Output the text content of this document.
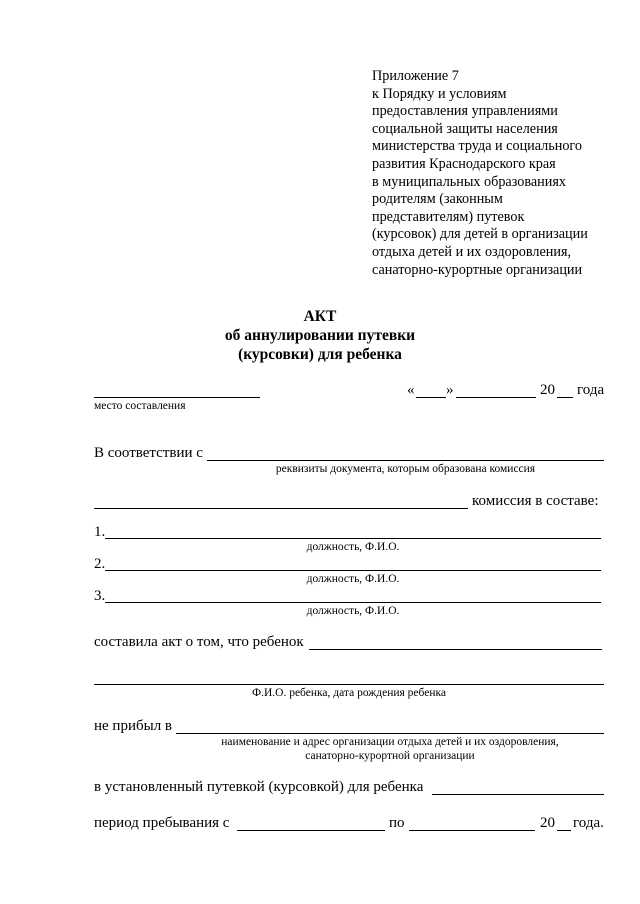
Приложение 7
к Порядку и условиям
предоставления управлениями
социальной защиты населения
министерства труда и социального
развития Краснодарского края
в муниципальных образованиях
родителям (законным
представителям) путевок
(курсовок) для детей в организации
отдыха детей и их оздоровления,
санаторно-курортные организации
АКТ
об аннулировании путевки
(курсовки) для ребенка
место составления
« »	20 года
В соответствии с
реквизиты документа, которым образована комиссия
комиссия в составе:
1.
должность, Ф.И.О.
2.
должность, Ф.И.О.
3.
должность, Ф.И.О.
составила акт о том, что ребенок
Ф.И.О. ребенка, дата рождения ребенка
не прибыл в
наименование и адрес организации отдыха детей и их оздоровления,
санаторно-курортной организации
в установленный путевкой (курсовкой) для ребенка
период пребывания с	по	20 года.
